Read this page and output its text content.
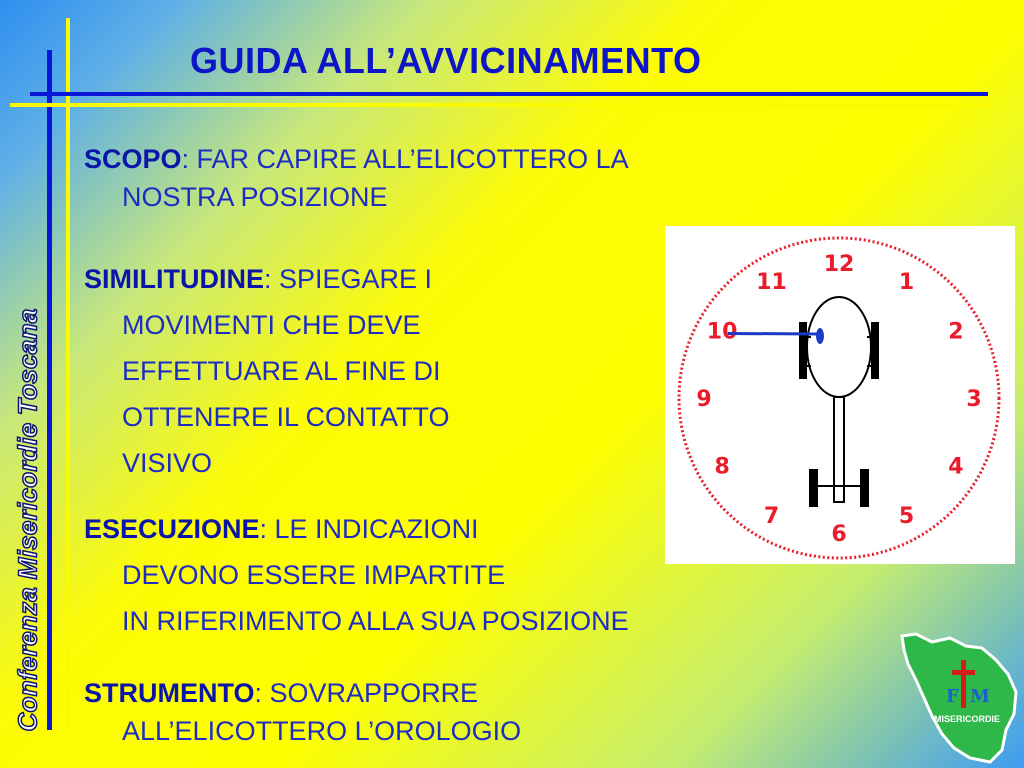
GUIDA ALL’AVVICINAMENTO
Conferenza Misericordie Toscana

SCOPO: FAR CAPIRE ALL’ELICOTTERO LA

NOSTRA POSIZIONE

SIMILITUDINE: SPIEGARE I

MOVIMENTI CHE DEVE

EFFETTUARE AL FINE DI

OTTENERE IL CONTATTO

VISIVO

ESECUZIONE: LE INDICAZIONI

DEVONO ESSERE IMPARTITE

IN RIFERIMENTO ALLA SUA POSIZIONE

STRUMENTO: SOVRAPPORRE

ALL’ELICOTTERO L’OROLOGIO

12
1
2
3
4
5
6
7
8
9
10
11
F M
MISERICORDIE
